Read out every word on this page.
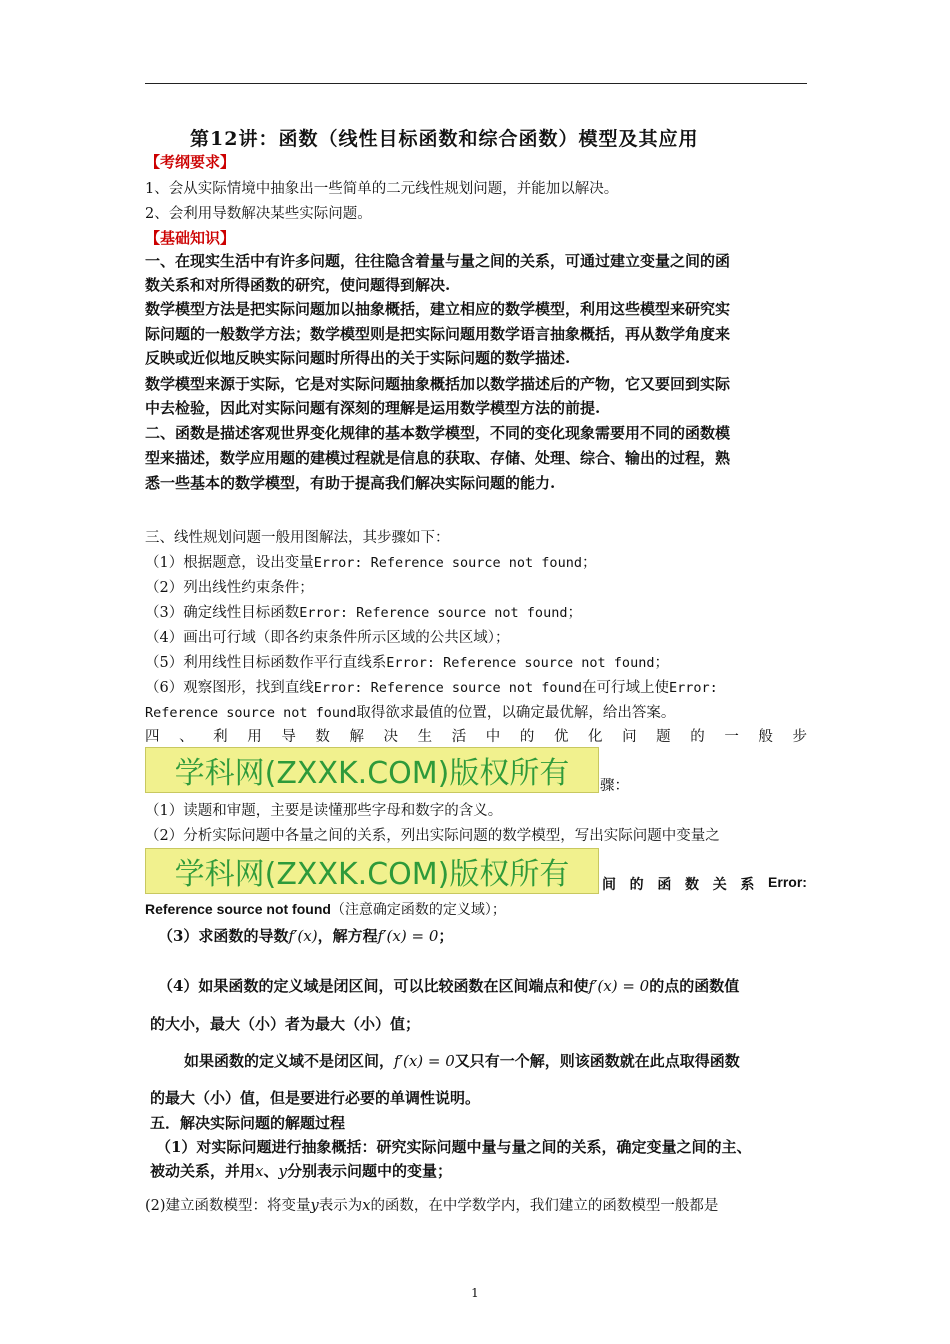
第12讲：函数（线性目标函数和综合函数）模型及其应用
【考纲要求】
1、会从实际情境中抽象出一些简单的二元线性规划问题，并能加以解决。
2、会利用导数解决某些实际问题。
【基础知识】
一、在现实生活中有许多问题，往往隐含着量与量之间的关系，可通过建立变量之间的函
数关系和对所得函数的研究，使问题得到解决.
数学模型方法是把实际问题加以抽象概括，建立相应的数学模型，利用这些模型来研究实
际问题的一般数学方法；数学模型则是把实际问题用数学语言抽象概括，再从数学角度来
反映或近似地反映实际问题时所得出的关于实际问题的数学描述.
数学模型来源于实际，它是对实际问题抽象概括加以数学描述后的产物，它又要回到实际
中去检验，因此对实际问题有深刻的理解是运用数学模型方法的前提.
二、函数是描述客观世界变化规律的基本数学模型，不同的变化现象需要用不同的函数模
型来描述，数学应用题的建模过程就是信息的获取、存储、处理、综合、输出的过程，熟
悉一些基本的数学模型，有助于提高我们解决实际问题的能力.
三、线性规划问题一般用图解法，其步骤如下：
（1）根据题意，设出变量Error: Reference source not found；
（2）列出线性约束条件；
（3）确定线性目标函数Error: Reference source not found；
（4）画出可行域（即各约束条件所示区域的公共区域）；
（5）利用线性目标函数作平行直线系Error: Reference source not found；
（6）观察图形，找到直线Error: Reference source not found在可行域上使Error:
Reference source not found取得欲求最值的位置，以确定最优解，给出答案。
四 、 利 用 导 数 解 决 生 活 中 的 优 化 问 题 的 一 般 步
学科网(ZXXK.COM)版权所有	骤：
（1）读题和审题，主要是读懂那些字母和数字的含义。
（2）分析实际问题中各量之间的关系，列出实际问题的数学模型，写出实际问题中变量之
学科网(ZXXK.COM)版权所有	间 的 函 数 关 系 Error:
Reference source not found（注意确定函数的定义域）；
（3）求函数的导数f′(x)，解方程f′(x) = 0；
（4）如果函数的定义域是闭区间，可以比较函数在区间端点和使f′(x) = 0的点的函数值
的大小，最大（小）者为最大（小）值；
如果函数的定义域不是闭区间，f′(x) = 0又只有一个解，则该函数就在此点取得函数
的最大（小）值，但是要进行必要的单调性说明。
五．解决实际问题的解题过程
（1）对实际问题进行抽象概括：研究实际问题中量与量之间的关系，确定变量之间的主、
被动关系，并用x、y分别表示问题中的变量；
(2)建立函数模型：将变量y表示为x的函数，在中学数学内，我们建立的函数模型一般都是
1
